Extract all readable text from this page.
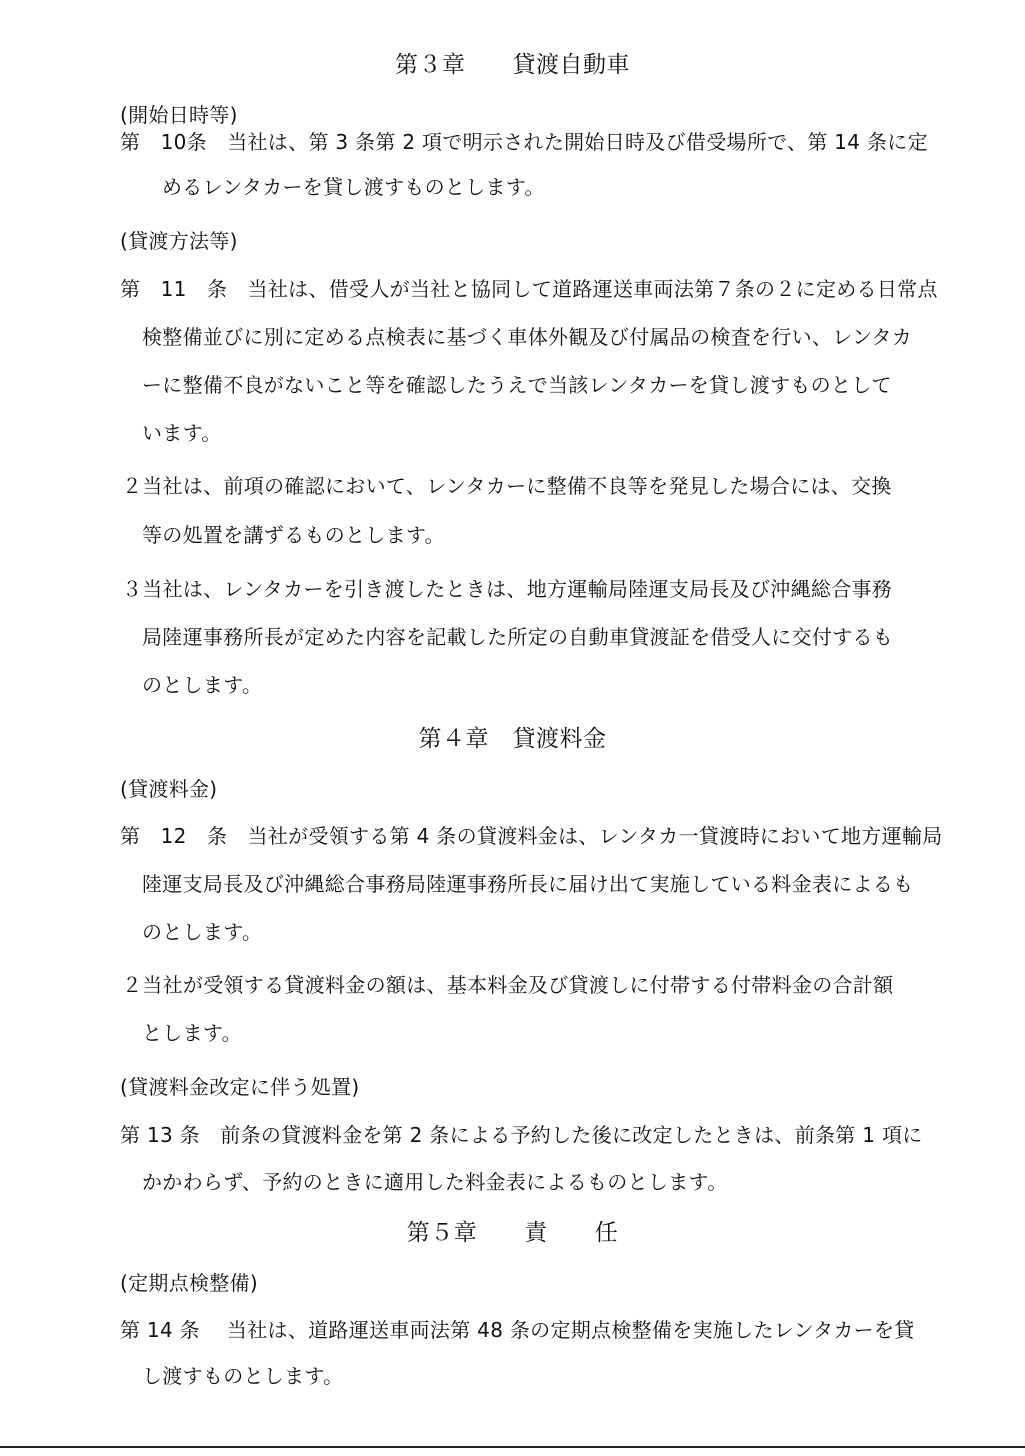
第３章　　貸渡自動車
(開始日時等)
第　10条　当社は、第 3 条第 2 項で明示された開始日時及び借受場所で、第 14 条に定
めるレンタカーを貸し渡すものとします。
(貸渡方法等)
第　11　条　当社は、借受人が当社と協同して道路運送車両法第７条の２に定める日常点
検整備並びに別に定める点検表に基づく車体外観及び付属品の検査を行い、レンタカ
ーに整備不良がないこと等を確認したうえで当該レンタカーを貸し渡すものとして
います。
２当社は、前項の確認において、レンタカーに整備不良等を発見した場合には、交換
等の処置を講ずるものとします。
３当社は、レンタカーを引き渡したときは、地方運輸局陸運支局長及び沖縄総合事務
局陸運事務所長が定めた内容を記載した所定の自動車貸渡証を借受人に交付するも
のとします。
第４章　貸渡料金
(貸渡料金)
第　12　条　当社が受領する第 4 条の貸渡料金は、レンタカ一貸渡時において地方運輸局
陸運支局長及び沖縄総合事務局陸運事務所長に届け出て実施している料金表によるも
のとします。
２当社が受領する貸渡料金の額は、基本料金及び貸渡しに付帯する付帯料金の合計額
とします。
(貸渡料金改定に伴う処置)
第 13 条　前条の貸渡料金を第 2 条による予約した後に改定したときは、前条第 1 項に
かかわらず、予約のときに適用した料金表によるものとします。
第５章　　責　　任
(定期点検整備)
第 14 条　 当社は、道路運送車両法第 48 条の定期点検整備を実施したレンタカーを貸
し渡すものとします。
